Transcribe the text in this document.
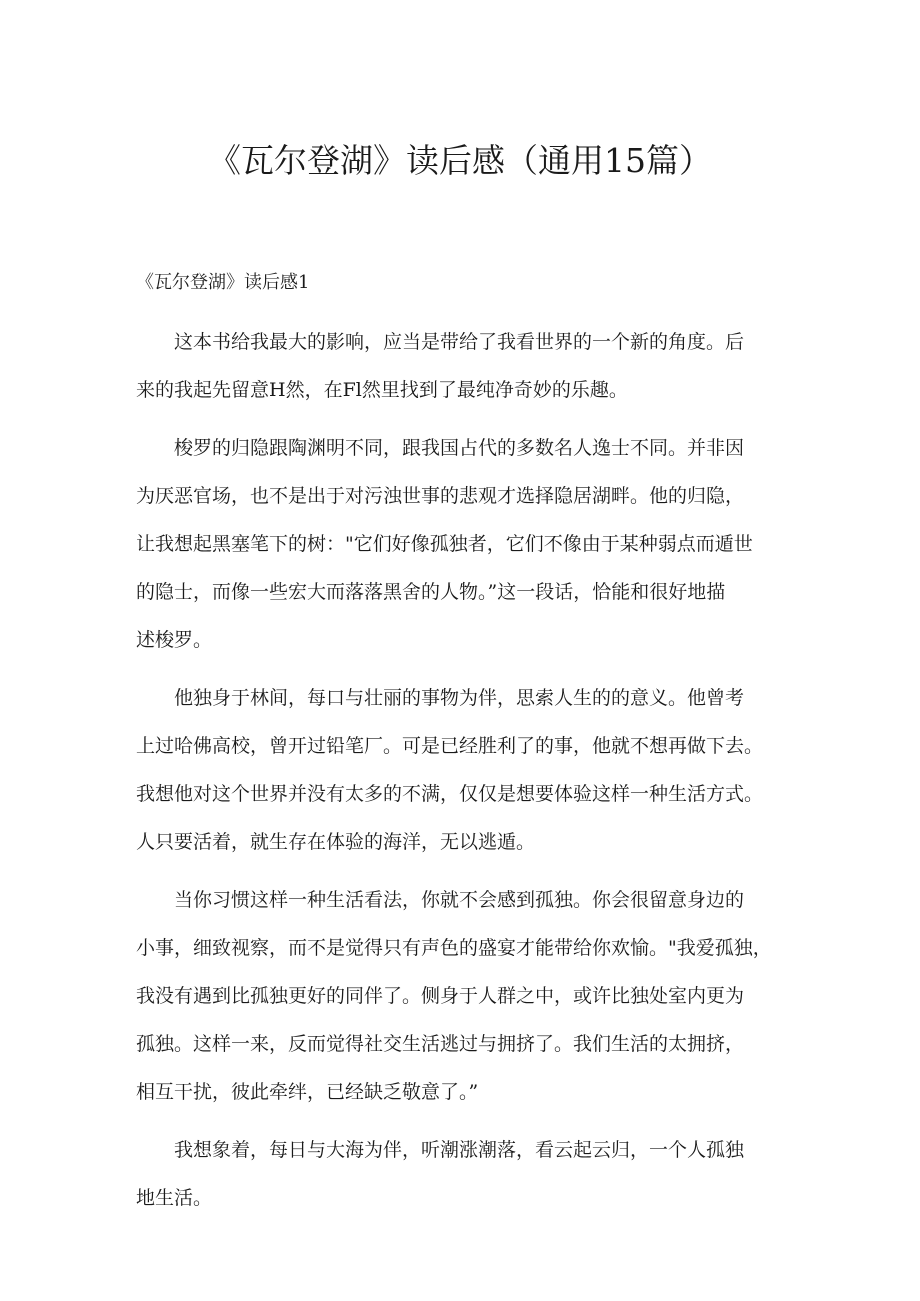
《瓦尔登湖》读后感（通用15篇）
《瓦尔登湖》读后感1

这本书给我最大的影响，应当是带给了我看世界的一个新的角度。后
来的我起先留意H然，在Fl然里找到了最纯净奇妙的乐趣。

梭罗的归隐跟陶渊明不同，跟我国占代的多数名人逸士不同。并非因
为厌恶官场，也不是出于对污浊世事的悲观才选择隐居湖畔。他的归隐，
让我想起黑塞笔下的树："它们好像孤独者，它们不像由于某种弱点而遁世
的隐士，而像一些宏大而落落黑舍的人物。”这一段话，恰能和很好地描
述梭罗。

他独身于林间，每口与壮丽的事物为伴，思索人生的的意义。他曾考
上过哈佛高校，曾开过铅笔厂。可是已经胜利了的事，他就不想再做下去。
我想他对这个世界并没有太多的不满，仅仅是想要体验这样一种生活方式。
人只要活着，就生存在体验的海洋，无以逃遁。

当你习惯这样一种生活看法，你就不会感到孤独。你会很留意身边的
小事，细致视察，而不是觉得只有声色的盛宴才能带给你欢愉。"我爱孤独，
我没有遇到比孤独更好的同伴了。侧身于人群之中，或许比独处室内更为
孤独。这样一来，反而觉得社交生活逃过与拥挤了。我们生活的太拥挤，
相互干扰，彼此牵绊，已经缺乏敬意了。”

我想象着，每日与大海为伴，听潮涨潮落，看云起云归，一个人孤独
地生活。
